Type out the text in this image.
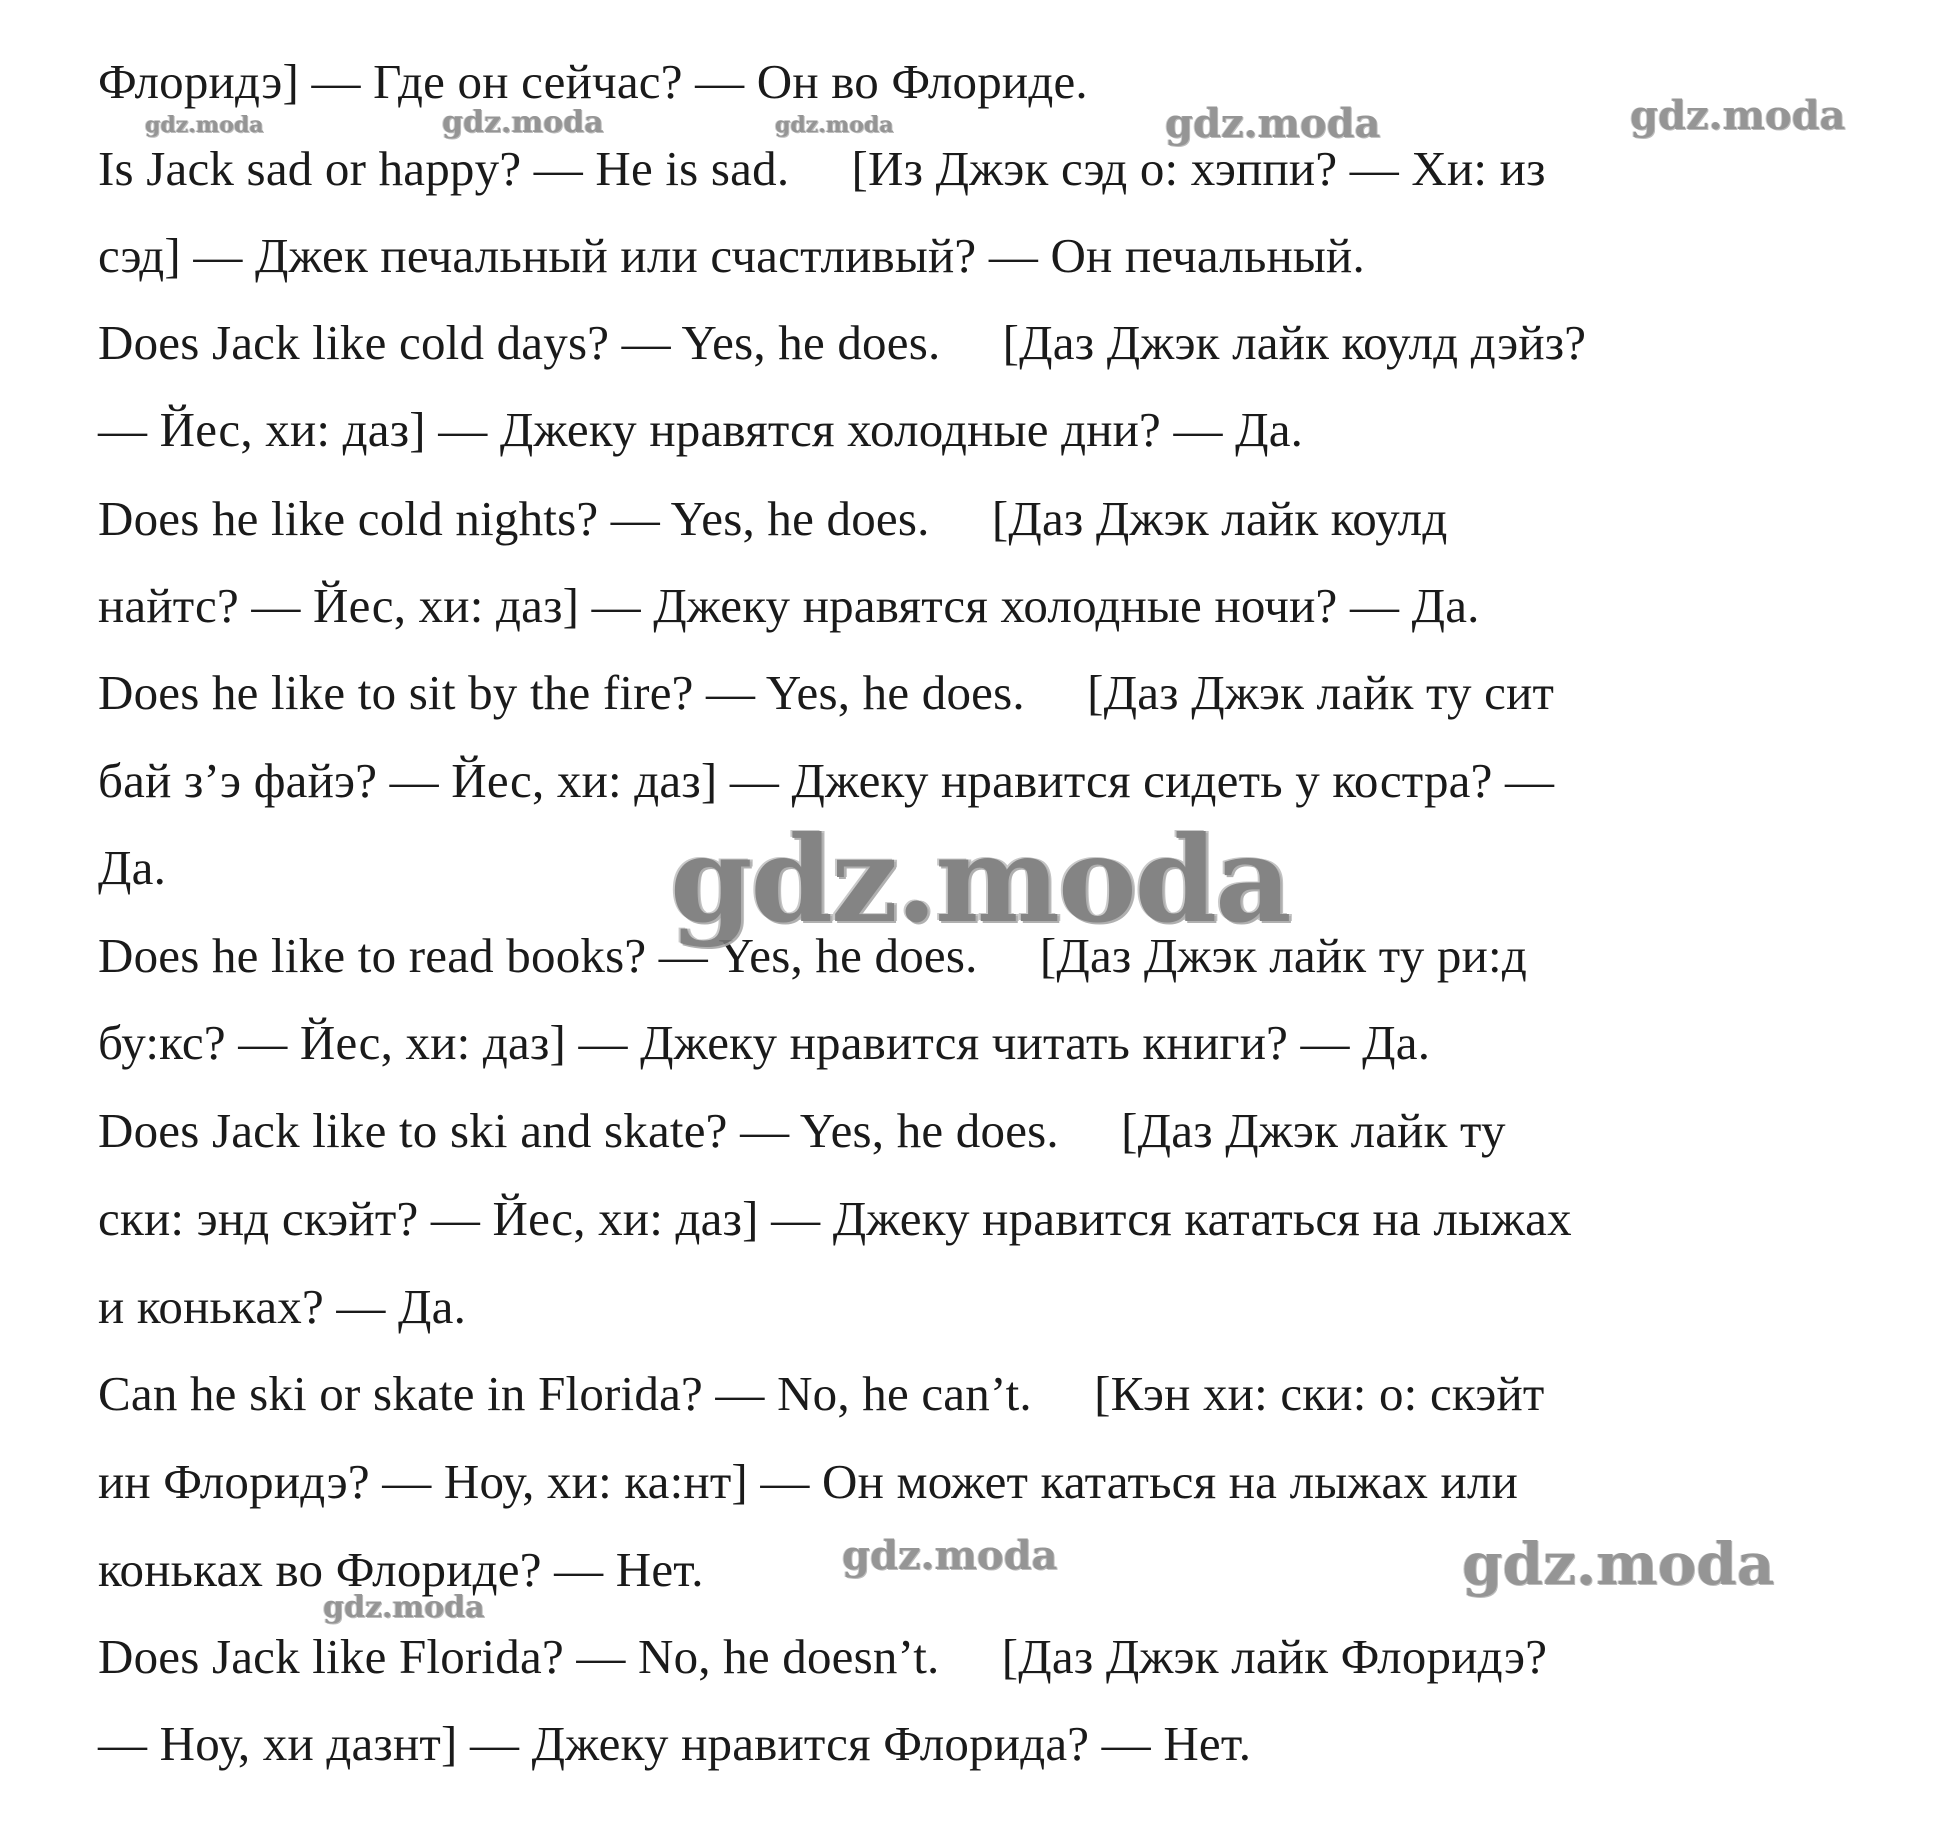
Флоридэ] — Где он сейчас? — Он во Флориде.

Is Jack sad or happy? — He is sad.     [Из Джэк сэд о: хэппи? — Хи: из

сэд] — Джек печальный или счастливый? — Он печальный.

Does Jack like cold days? — Yes, he does.     [Даз Джэк лайк коулд дэйз?

— Йес, хи: даз] — Джеку нравятся холодные дни? — Да.

Does he like cold nights? — Yes, he does.     [Даз Джэк лайк коулд

найтс? — Йес, хи: даз] — Джеку нравятся холодные ночи? — Да.

Does he like to sit by the fire? — Yes, he does.     [Даз Джэк лайк ту сит

бай з’э файэ? — Йес, хи: даз] — Джеку нравится сидеть у костра? —

Да.

Does he like to read books? — Yes, he does.     [Даз Джэк лайк ту ри:д

бу:кс? — Йес, хи: даз] — Джеку нравится читать книги? — Да.

Does Jack like to ski and skate? — Yes, he does.     [Даз Джэк лайк ту

ски: энд скэйт? — Йес, хи: даз] — Джеку нравится кататься на лыжах

и коньках? — Да.

Can he ski or skate in Florida? — No, he can’t.     [Кэн хи: ски: о: скэйт

ин Флоридэ? — Ноу, хи: ка:нт] — Он может кататься на лыжах или

коньках во Флориде? — Нет.

Does Jack like Florida? — No, he doesn’t.     [Даз Джэк лайк Флоридэ?

— Ноу, хи дазнт] — Джеку нравится Флорида? — Нет.

gdz.moda	gdz.moda	gdz.moda	gdz.moda	gdz.moda
gdz.moda
gdz.moda	gdz.moda
gdz.moda
